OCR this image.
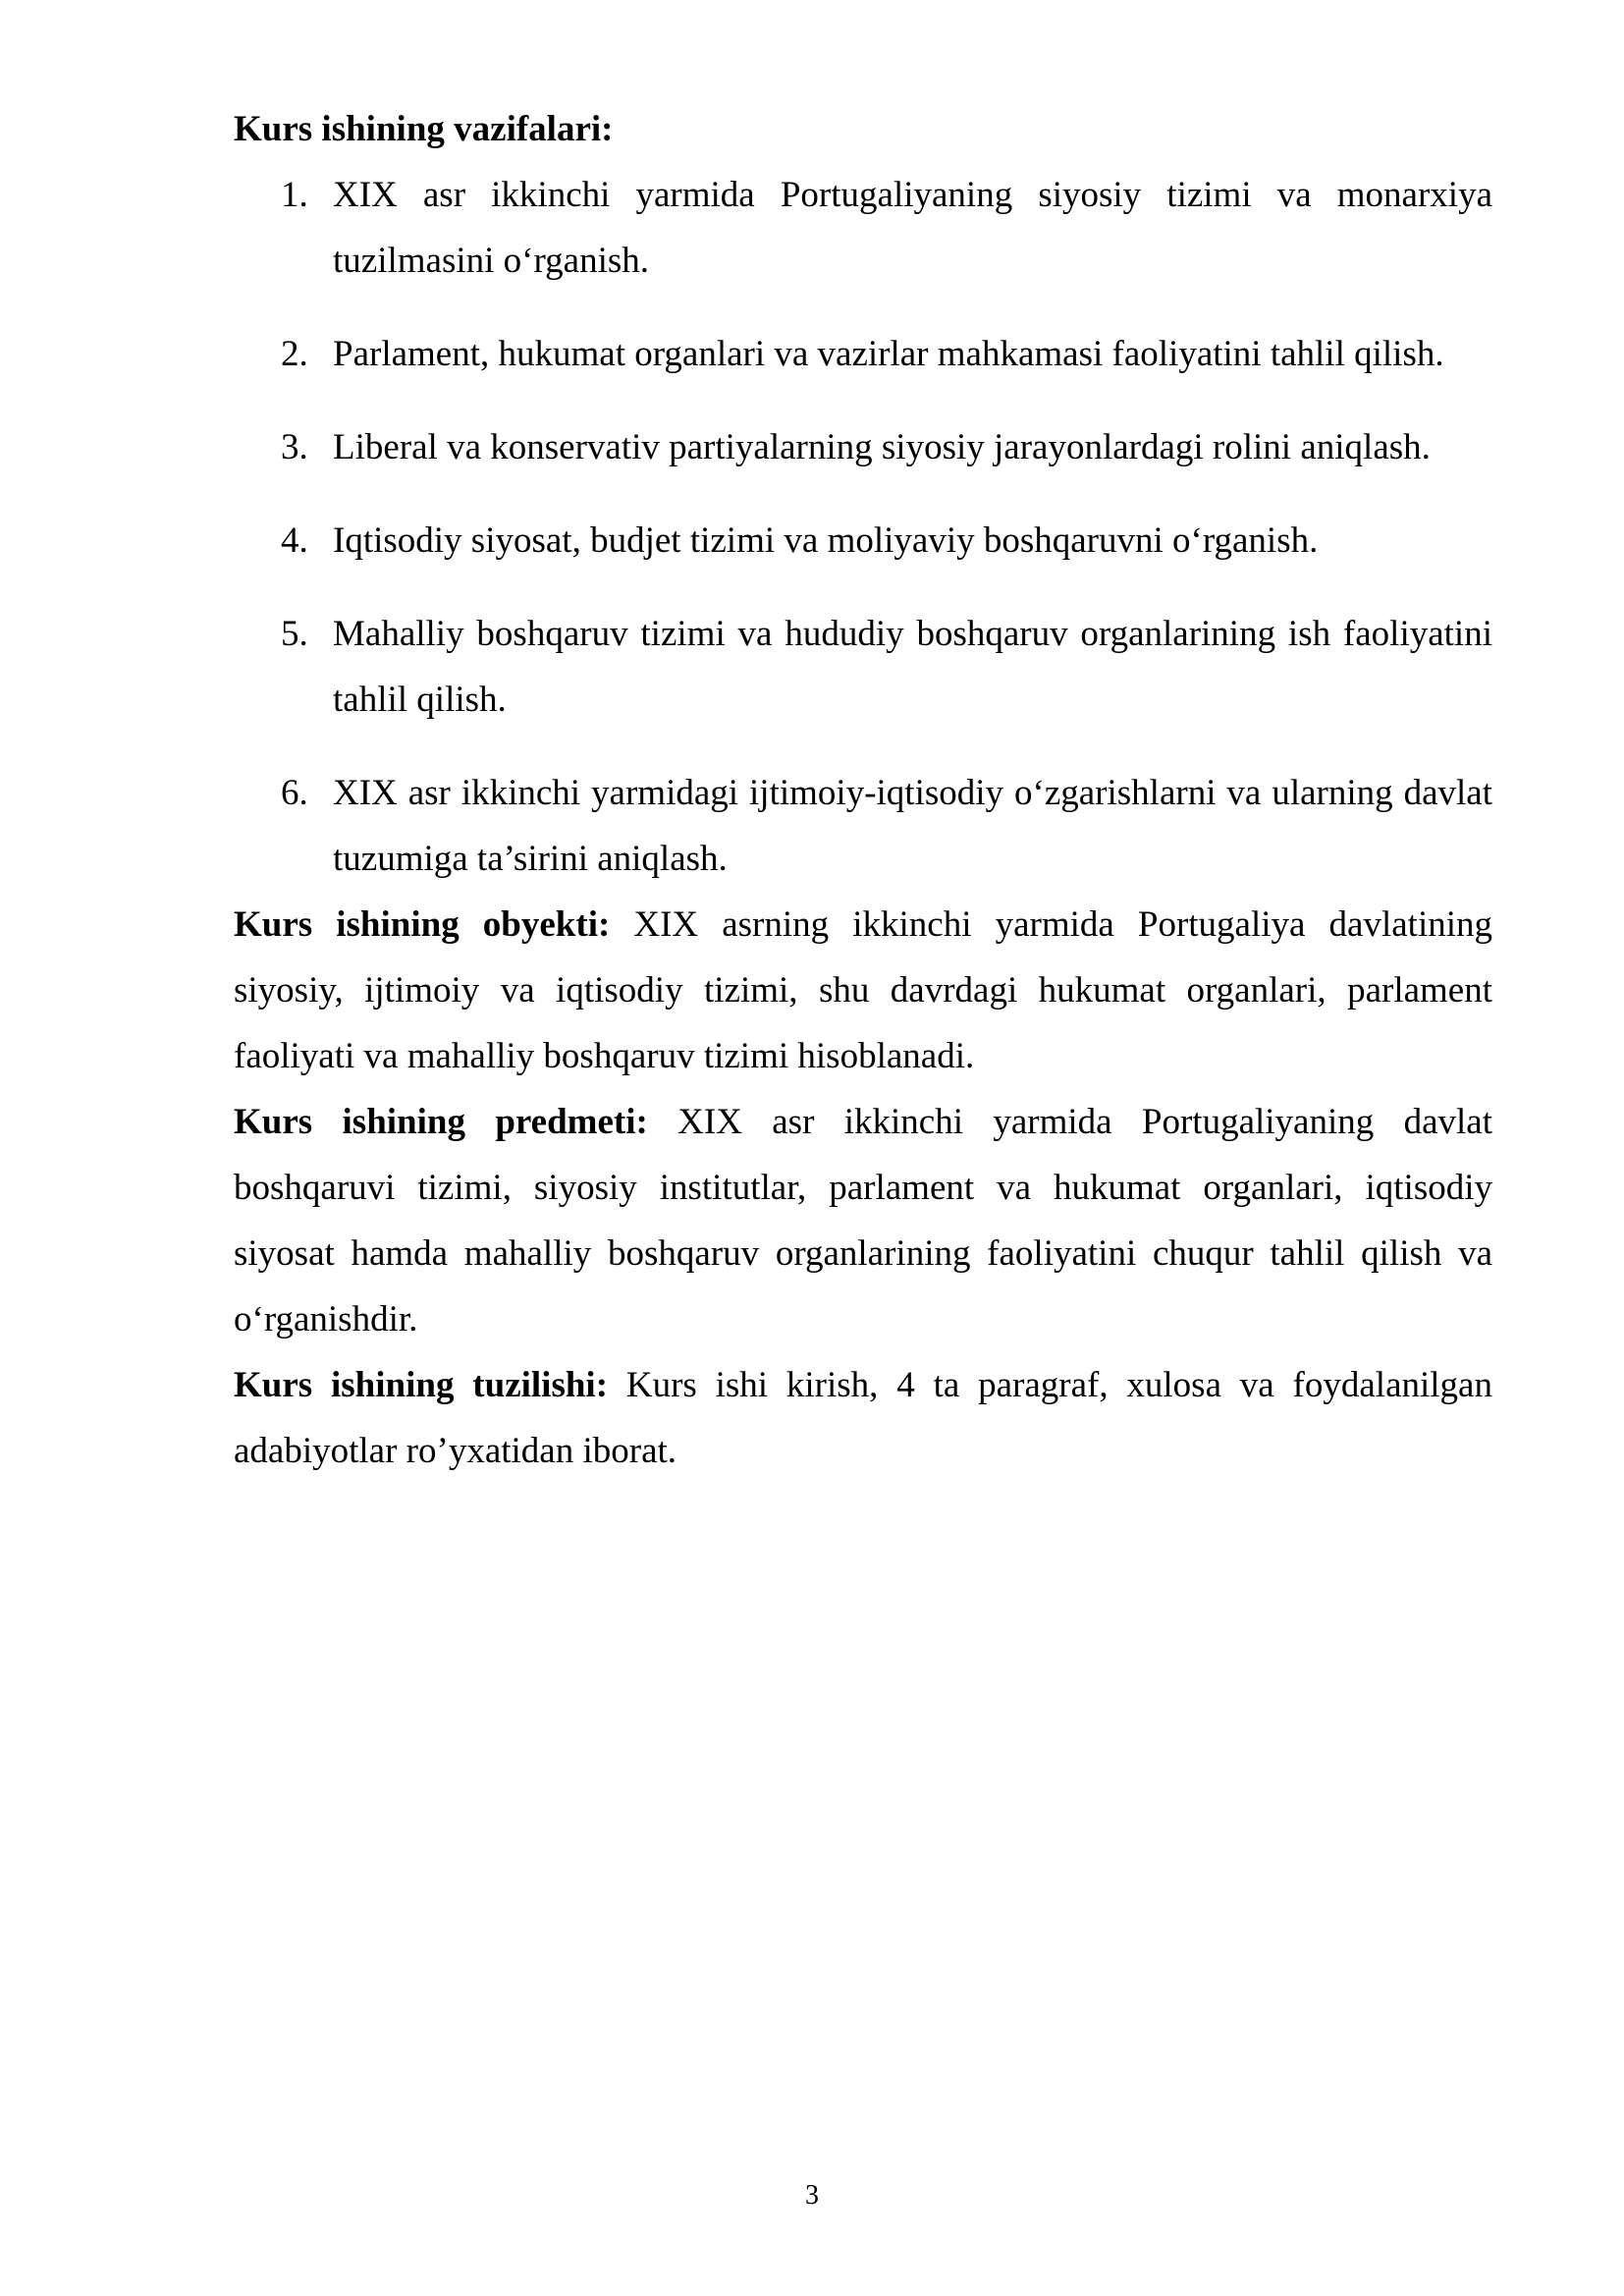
Kurs ishining vazifalari:

1. XIX asr ikkinchi yarmida Portugaliyaning siyosiy tizimi va monarxiya tuzilmasini o‘rganish.
2. Parlament, hukumat organlari va vazirlar mahkamasi faoliyatini tahlil qilish.
3. Liberal va konservativ partiyalarning siyosiy jarayonlardagi rolini aniqlash.
4. Iqtisodiy siyosat, budjet tizimi va moliyaviy boshqaruvni o‘rganish.
5. Mahalliy boshqaruv tizimi va hududiy boshqaruv organlarining ish faoliyatini tahlil qilish.
6. XIX asr ikkinchi yarmidagi ijtimoiy-iqtisodiy o‘zgarishlarni va ularning davlat tuzumiga ta’sirini aniqlash.

Kurs ishining obyekti: XIX asrning ikkinchi yarmida Portugaliya davlatining siyosiy, ijtimoiy va iqtisodiy tizimi, shu davrdagi hukumat organlari, parlament faoliyati va mahalliy boshqaruv tizimi hisoblanadi.

Kurs ishining predmeti: XIX asr ikkinchi yarmida Portugaliyaning davlat boshqaruvi tizimi, siyosiy institutlar, parlament va hukumat organlari, iqtisodiy siyosat hamda mahalliy boshqaruv organlarining faoliyatini chuqur tahlil qilish va o‘rganishdir.

Kurs ishining tuzilishi: Kurs ishi kirish, 4 ta paragraf, xulosa va foydalanilgan adabiyotlar ro’yxatidan iborat.

3
